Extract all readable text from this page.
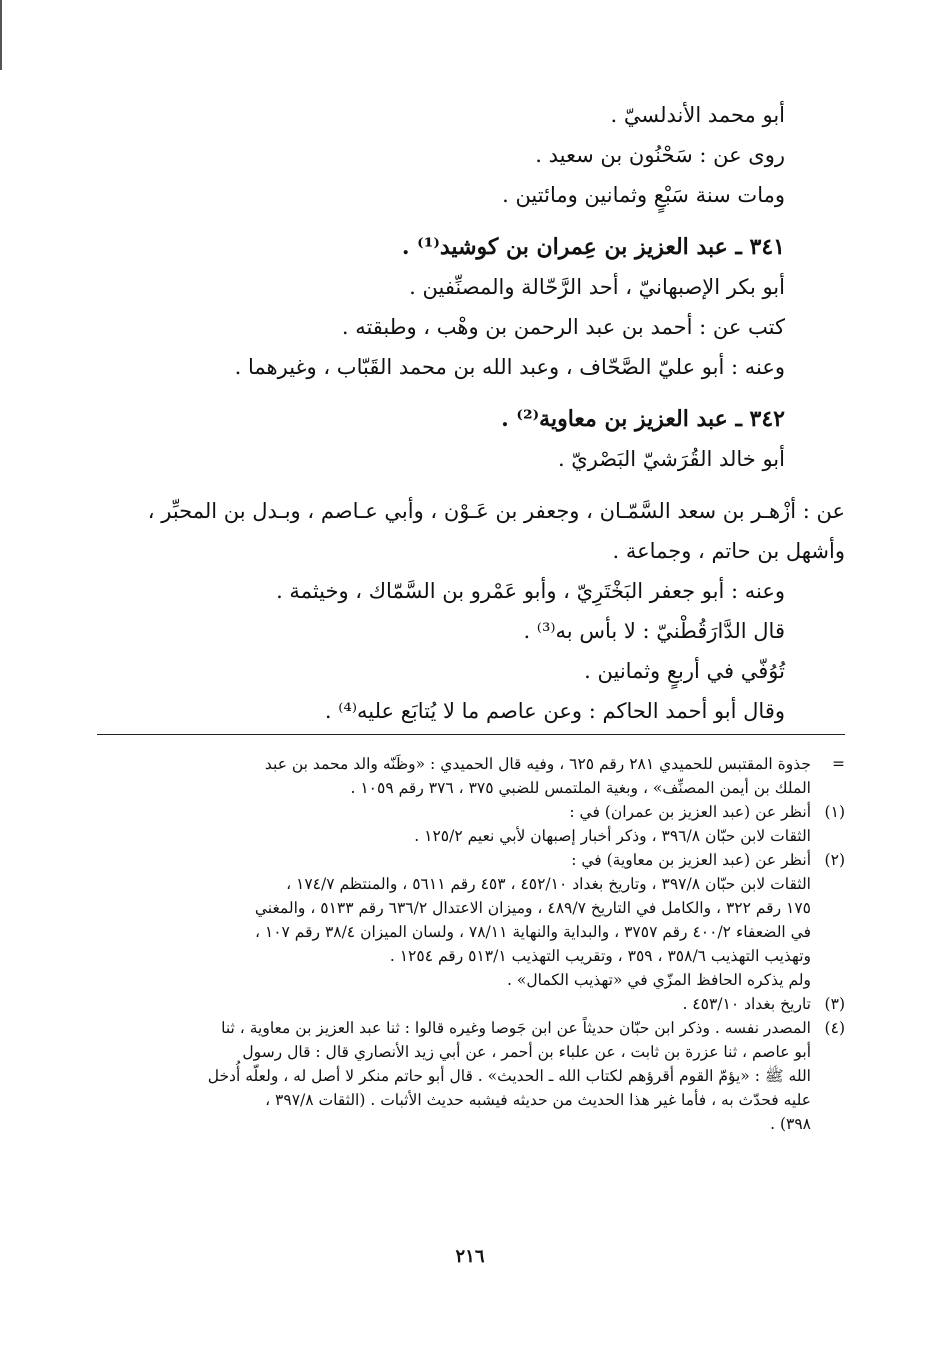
أبو محمد الأندلسيّ .
روى عن : سَحْنُون بن سعيد .
ومات سنة سَبْعٍ وثمانين ومائتين .
٣٤١ ـ عبد العزيز بن عِمران بن كوشيد⁽¹⁾ .
أبو بكر الإصبهانيّ ، أحد الرَّحّالة والمصنِّفين .
كتب عن : أحمد بن عبد الرحمن بن وهْب ، وطبقته .
وعنه : أبو عليّ الصَّحّاف ، وعبد الله بن محمد القَبّاب ، وغيرهما .
٣٤٢ ـ عبد العزيز بن معاوية⁽²⁾ .
أبو خالد القُرَشيّ البَصْريّ .
عن : أزْهـر بن سعد السَّمّـان ، وجعفر بن عَـوْن ، وأبي عـاصم ، وبـدل بن المحبِّر ، وأشهل بن حاتم ، وجماعة .
وعنه : أبو جعفر البَخْتَرِيّ ، وأبو عَمْرو بن السَّمّاك ، وخيثمة .
قال الدَّارَقُطْنيّ : لا بأس به⁽³⁾ .
تُوُفّي في أربعٍ وثمانين .
وقال أبو أحمد الحاكم : وعن عاصم ما لا يُتابَع عليه⁽⁴⁾ .
=
جذوة المقتبس للحميدي ٢٨١ رقم ٦٢٥ ، وفيه قال الحميدي : «وظَنّه والد محمد بن عبد
الملك بن أيمن المصنِّف» ، وبغية الملتمس للضبي ٣٧٥ ، ٣٧٦ رقم ١٠٥٩ .
(١)
أنظر عن (عبد العزيز بن عمران) في :
الثقات لابن حبّان ٣٩٦/٨ ، وذكر أخبار إصبهان لأبي نعيم ١٢٥/٢ .
(٢)
أنظر عن (عبد العزيز بن معاوية) في :
الثقات لابن حبّان ٣٩٧/٨ ، وتاريخ بغداد ٤٥٢/١٠ ، ٤٥٣ رقم ٥٦١١ ، والمنتظم ١٧٤/٧ ،
١٧٥ رقم ٣٢٢ ، والكامل في التاريخ ٤٨٩/٧ ، وميزان الاعتدال ٦٣٦/٢ رقم ٥١٣٣ ، والمغني
في الضعفاء ٤٠٠/٢ رقم ٣٧٥٧ ، والبداية والنهاية ٧٨/١١ ، ولسان الميزان ٣٨/٤ رقم ١٠٧ ،
وتهذيب التهذيب ٣٥٨/٦ ، ٣٥٩ ، وتقريب التهذيب ٥١٣/١ رقم ١٢٥٤ .
ولم يذكره الحافظ المزّي في «تهذيب الكمال» .
(٣)
تاريخ بغداد ٤٥٣/١٠ .
(٤)
المصدر نفسه . وذكر ابن حبّان حديثاً عن ابن جَوصا وغيره قالوا : ثنا عبد العزيز بن معاوية ، ثنا
أبو عاصم ، ثنا عزرة بن ثابت ، عن علباء بن أحمر ، عن أبي زيد الأنصاري قال : قال رسول
الله ﷺ : «يؤمّ القوم أقرؤهم لكتاب الله ـ الحديث» . قال أبو حاتم منكر لا أصل له ، ولعلّه أُدخل
عليه فحدّث به ، فأما غير هذا الحديث من حديثه فيشبه حديث الأثبات . (الثقات ٣٩٧/٨ ،
٣٩٨) .
٢١٦
